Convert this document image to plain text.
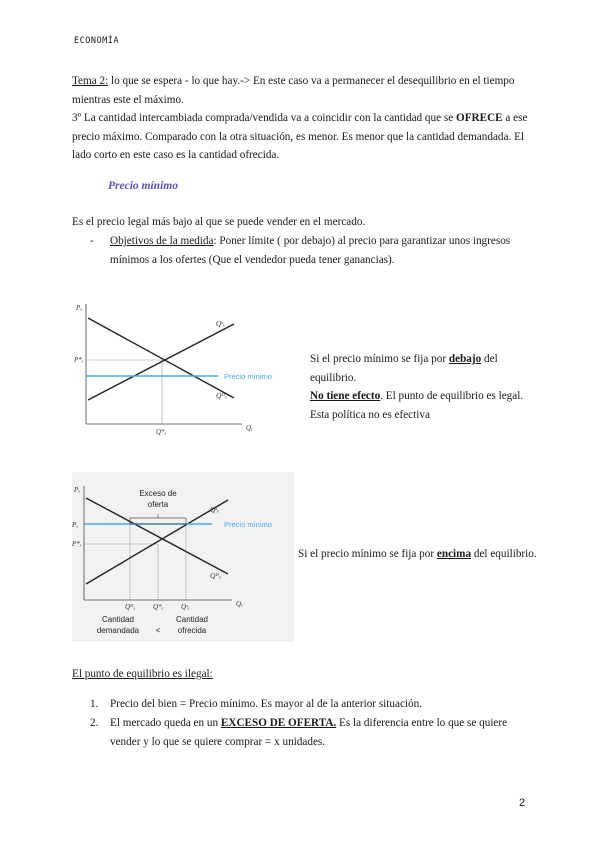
ECONOMÍA
Tema 2: lo que se espera - lo que hay.-> En este caso va a permanecer el desequilibrio en el tiempo mientras este el máximo.
3º La cantidad intercambiada comprada/vendida va a coincidir con la cantidad que se OFRECE a ese precio máximo. Comparado con la otra situación, es menor. Es menor que la cantidad demandada. El lado corto en este caso es la cantidad ofrecida.
Precio mínimo
Es el precio legal más bajo al que se puede vender en el mercado.
- Objetivos de la medida: Poner límite ( por debajo) al precio para garantizar unos ingresos mínimos a los ofertes (Que el vendedor pueda tener ganancias).
Pₓ
Qₓ
P*ₓ
Q*ₓ
Qˢₓ
Qᴰₓ
Precio mínimo
Si el precio mínimo se fija por debajo del equilibrio.
No tiene efecto. El punto de equilibrio es legal. Esta política no es efectiva
Exceso de
oferta
Precio mínimo
Pₓ
Qₓ
P*ₓ
Pₓ
Qˢₓ
Qᴰₓ
Qᴰₓ	Q*ₓ Qˢₓ
Cantidad
demandada <
Cantidad
ofrecida
Si el precio mínimo se fija por encima del equilibrio.
El punto de equilibrio es ilegal:
1. Precio del bien = Precio mínimo. Es mayor al de la anterior situación.
2. El mercado queda en un EXCESO DE OFERTA. Es la diferencia entre lo que se quiere vender y lo que se quiere comprar = x unidades.
2
